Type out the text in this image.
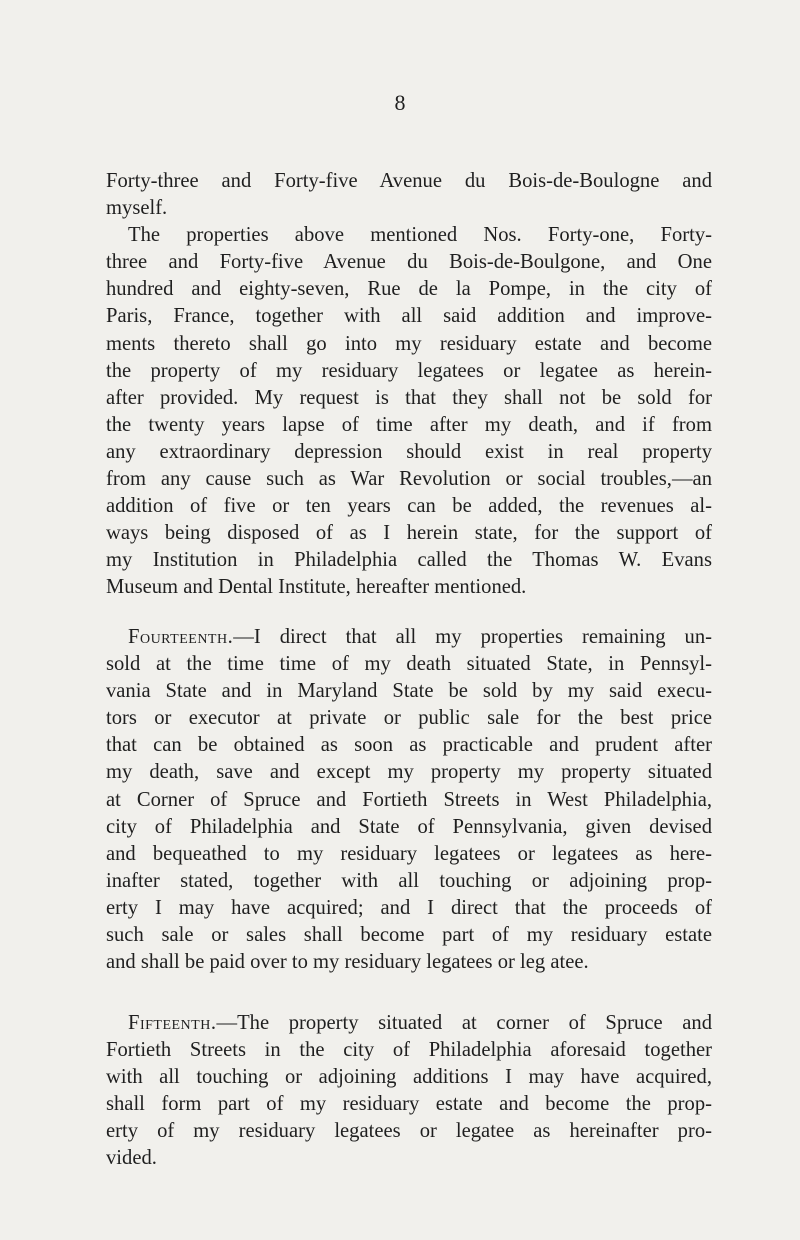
8
Forty-three and Forty-five Avenue du Bois-de-Boulogne and
myself.
The properties above mentioned Nos. Forty-one, Forty-
three and Forty-five Avenue du Bois-de-Boulgone, and One
hundred and eighty-seven, Rue de la Pompe, in the city of
Paris, France, together with all said addition and improve-
ments thereto shall go into my residuary estate and become
the property of my residuary legatees or legatee as herein-
after provided. My request is that they shall not be sold for
the twenty years lapse of time after my death, and if from
any extraordinary depression should exist in real property
from any cause such as War Revolution or social troubles,—an
addition of five or ten years can be added, the revenues al-
ways being disposed of as I herein state, for the support of
my Institution in Philadelphia called the Thomas W. Evans
Museum and Dental Institute, hereafter mentioned.
Fourteenth.—I direct that all my properties remaining un-
sold at the time time of my death situated State, in Pennsyl-
vania State and in Maryland State be sold by my said execu-
tors or executor at private or public sale for the best price
that can be obtained as soon as practicable and prudent after
my death, save and except my property my property situated
at Corner of Spruce and Fortieth Streets in West Philadelphia,
city of Philadelphia and State of Pennsylvania, given devised
and bequeathed to my residuary legatees or legatees as here-
inafter stated, together with all touching or adjoining prop-
erty I may have acquired; and I direct that the proceeds of
such sale or sales shall become part of my residuary estate
and shall be paid over to my residuary legatees or leg atee.
Fifteenth.—The property situated at corner of Spruce and
Fortieth Streets in the city of Philadelphia aforesaid together
with all touching or adjoining additions I may have acquired,
shall form part of my residuary estate and become the prop-
erty of my residuary legatees or legatee as hereinafter pro-
vided.
